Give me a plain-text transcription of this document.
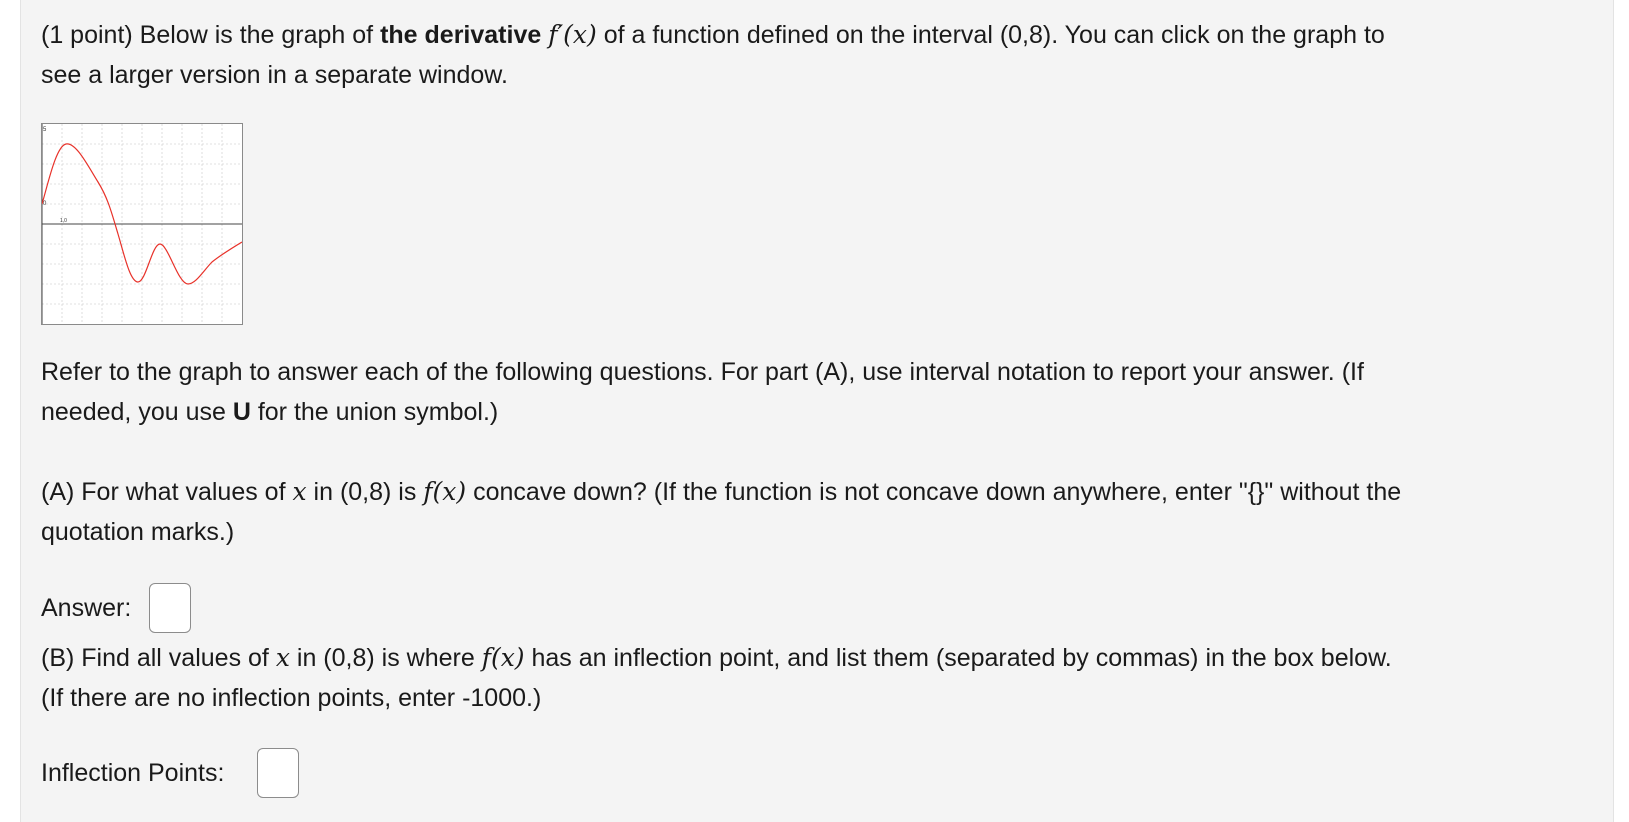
(1 point) Below is the graph of the derivative f′(x) of a function defined on the interval (0,8). You can click on the graph to
see a larger version in a separate window.
5
0
1,0
Refer to the graph to answer each of the following questions. For part (A), use interval notation to report your answer. (If
needed, you use U for the union symbol.)
(A) For what values of x in (0,8) is f(x) concave down? (If the function is not concave down anywhere, enter "{}" without the
quotation marks.)
Answer:
(B) Find all values of x in (0,8) is where f(x) has an inflection point, and list them (separated by commas) in the box below.
(If there are no inflection points, enter -1000.)
Inflection Points:
